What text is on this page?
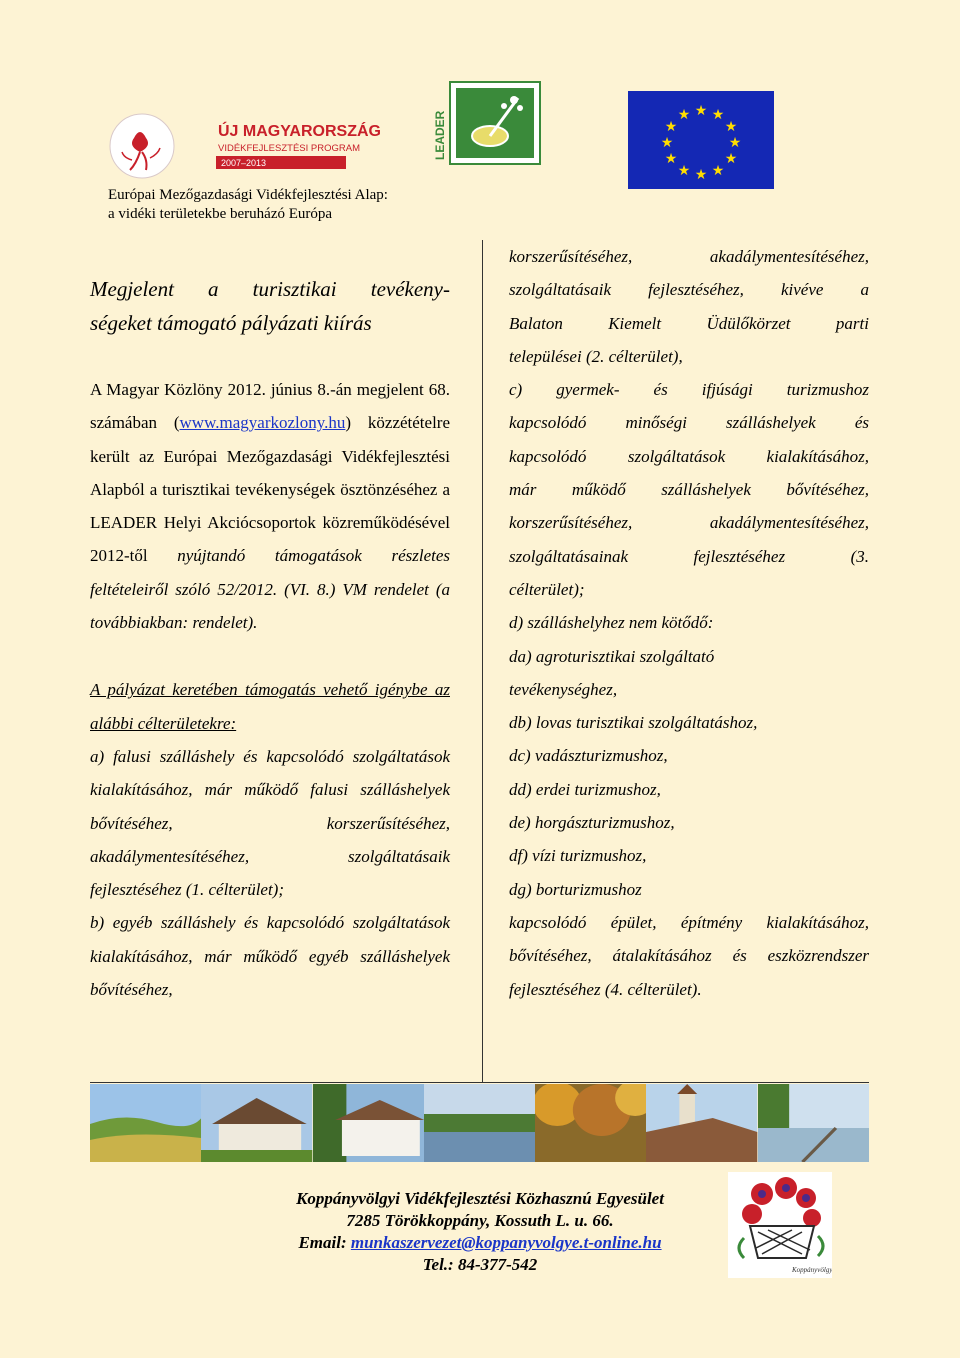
ÚJ MAGYARORSZÁG
VIDÉKFEJLESZTÉSI PROGRAM
2007–2013
Európai Mezőgazdasági Vidékfejlesztési Alap:
a vidéki területekbe beruházó Európa
LEADER	★ ★
★
★
★
★
★
★
★
★
★
★

Megjelent a turisztikai tevékeny-

ségeket támogató pályázati kiírás

A Magyar Közlöny 2012. június 8.-án megjelent 68. számában (www.magyarkozlony.hu) közzétételre került az Európai Mezőgazdasági Vidékfejlesztési Alapból a turisztikai tevékenységek ösztönzéséhez a LEADER Helyi Akciócsoportok közreműködésével 2012-től nyújtandó támogatások részletes feltételeiről szóló 52/2012. (VI. 8.) VM rendelet (a továbbiakban: rendelet).

A pályázat keretében támogatás vehető igénybe az alábbi célterületekre:

a) falusi szálláshely és kapcsolódó szolgáltatások kialakításához, már működő falusi szálláshelyek bővítéséhez, korszerűsítéséhez, akadálymentesítéséhez, szolgáltatásaik fejlesztéséhez (1. célterület);

b) egyéb szálláshely és kapcsolódó szolgáltatások kialakításához, már működő egyéb szálláshelyek bővítéséhez,

korszerűsítéséhez, akadálymentesítéséhez,

szolgáltatásaik fejlesztéséhez, kivéve a

Balaton Kiemelt Üdülőkörzet parti

települései (2. célterület),

c) gyermek- és ifjúsági turizmushoz

kapcsolódó minőségi szálláshelyek és

kapcsolódó szolgáltatások kialakításához,

már működő szálláshelyek bővítéséhez,

korszerűsítéséhez, akadálymentesítéséhez,

szolgáltatásainak fejlesztéséhez (3.

célterület);

d) szálláshelyhez nem kötődő:

da) agroturisztikai szolgáltató

tevékenységhez,

db) lovas turisztikai szolgáltatáshoz,

dc) vadászturizmushoz,

dd) erdei turizmushoz,

de) horgászturizmushoz,

df) vízi turizmushoz,

dg) borturizmushoz

kapcsolódó épület, építmény kialakításához,

bővítéséhez, átalakításához és eszközrendszer

fejlesztéséhez (4. célterület).

Koppányvölgyi Vidékfejlesztési Közhasznú Egyesület
7285 Törökkoppány, Kossuth L. u. 66.
Email: munkaszervezet@koppanyvolgye.t-online.hu
Tel.: 84-377-542	Koppányvölgy
